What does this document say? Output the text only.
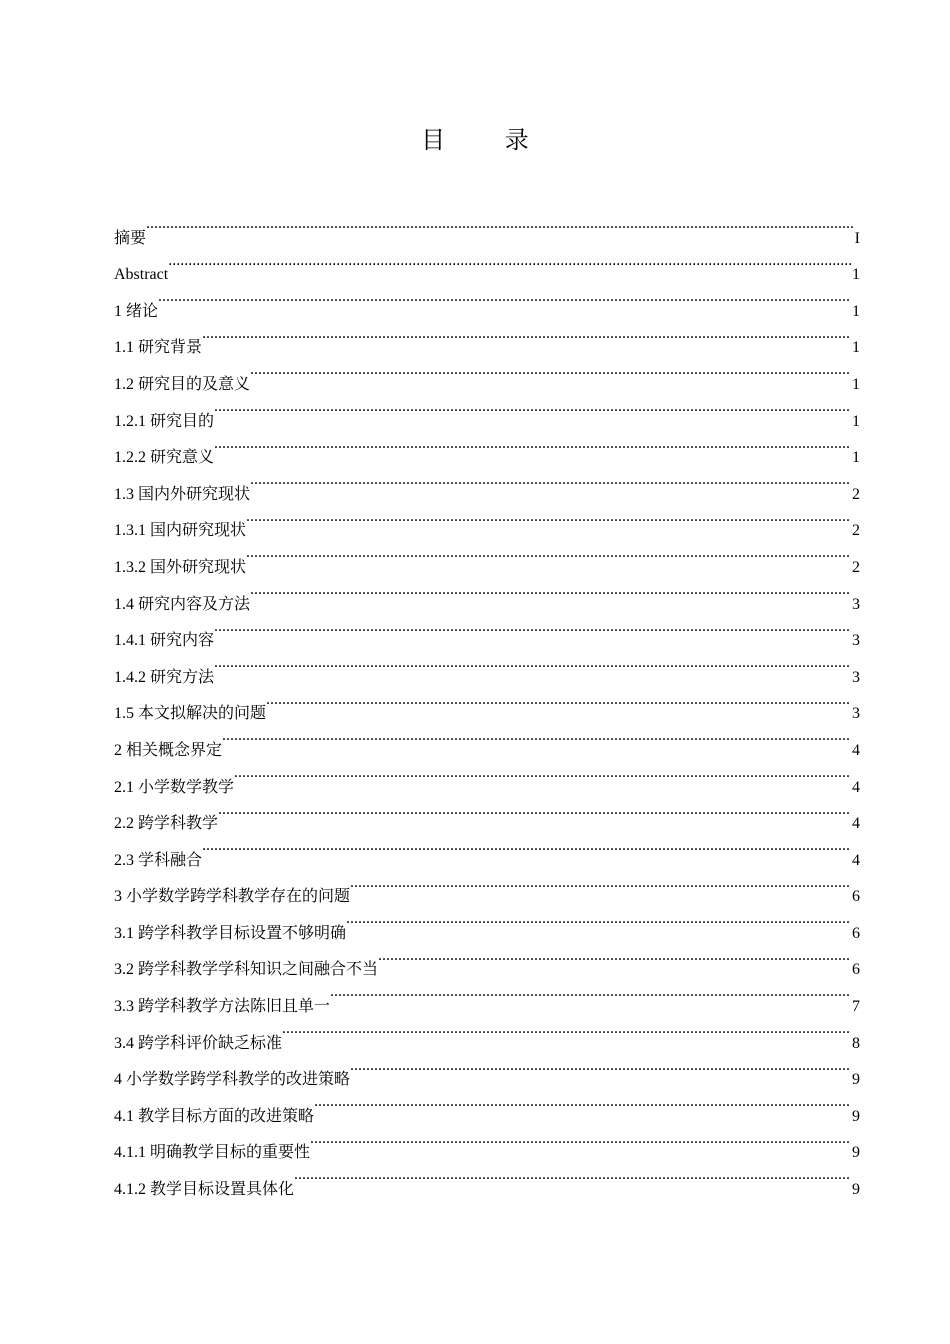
目 录
摘要 .....	I
Abstract .....	1
1 绪论 .....	1
1.1 研究背景 .....	1
1.2 研究目的及意义 .....	1
1.2.1 研究目的 .....	1
1.2.2 研究意义 .....	1
1.3 国内外研究现状 .....	2
1.3.1 国内研究现状 .....	2
1.3.2 国外研究现状 .....	2
1.4 研究内容及方法 .....	3
1.4.1 研究内容 .....	3
1.4.2 研究方法 .....	3
1.5 本文拟解决的问题 .....	3
2 相关概念界定 .....	4
2.1 小学数学教学 .....	4
2.2 跨学科教学 .....	4
2.3 学科融合 .....	4
3 小学数学跨学科教学存在的问题 .....	6
3.1 跨学科教学目标设置不够明确 .....	6
3.2 跨学科教学学科知识之间融合不当 .....	6
3.3 跨学科教学方法陈旧且单一 .....	7
3.4 跨学科评价缺乏标准 .....	8
4 小学数学跨学科教学的改进策略 .....	9
4.1 教学目标方面的改进策略 .....	9
4.1.1 明确教学目标的重要性 .....	9
4.1.2 教学目标设置具体化 .....	9
